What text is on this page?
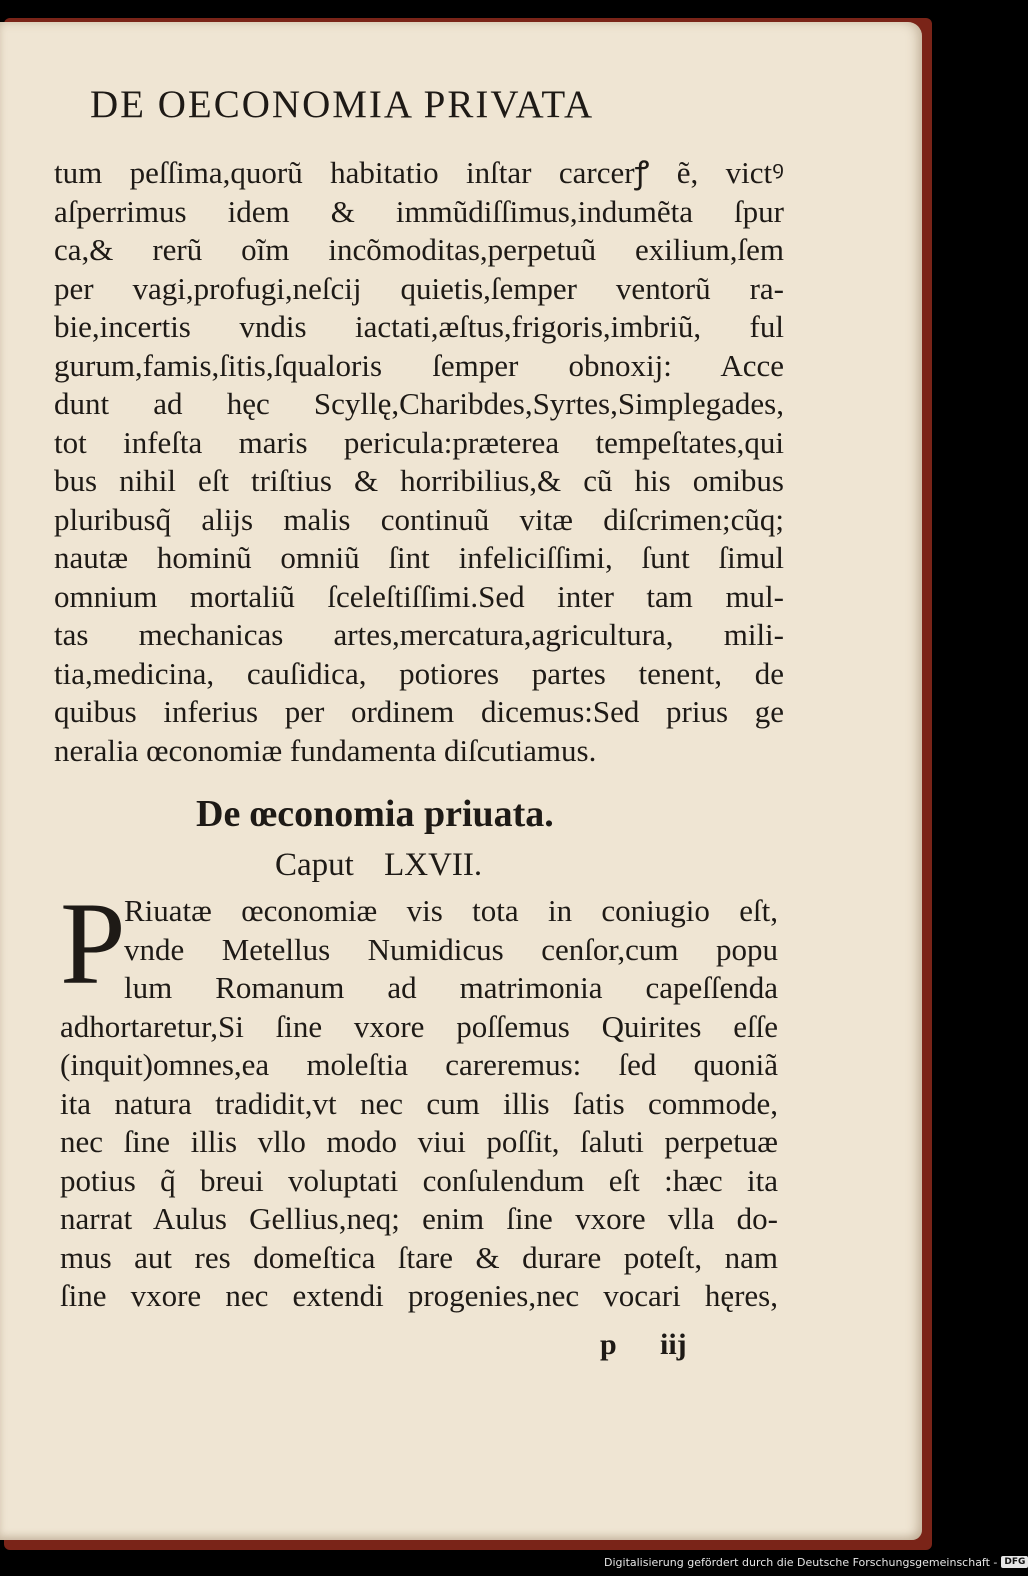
DE OECONOMIA PRIVATA
tum peſſima,quorũ habitatio inſtar carcerꝭ ẽ, victꝰ
aſperrimus idem & immũdiſſimus,indumẽta ſpur
ca,& rerũ oĩm incõmoditas,perpetuũ exilium,ſem
per vagi,profugi,neſcij quietis,ſemper ventorũ ra-
bie,incertis vndis iactati,æſtus,frigoris,imbriũ, ful
gurum,famis,ſitis,ſqualoris ſemper obnoxij: Acce
dunt ad hęc Scyllę,Charibdes,Syrtes,Simplegades,
tot infeſta maris pericula:prӕterea tempeſtates,qui
bus nihil eſt triſtius & horribilius,& cũ his omibus
pluribusq̃ alijs malis continuũ vitæ diſcrimen;cũq;
nautæ hominũ omniũ ſint infeliciſſimi, ſunt ſimul
omnium mortaliũ ſceleſtiſſimi.Sed inter tam mul-
tas mechanicas artes,mercatura,agricultura, mili-
tia,medicina, cauſidica, potiores partes tenent, de
quibus inferius per ordinem dicemus:Sed prius ge
neralia œconomiæ fundamenta diſcutiamus.
De œconomia priuata.
Caput LXVII.
P
Riuatæ œconomiæ vis tota in coniugio eſt,
vnde Metellus Numidicus cenſor,cum popu
lum Romanum ad matrimonia capeſſenda
adhortaretur,Si ſine vxore poſſemus Quirites eſſe
(inquit)omnes,ea moleſtia careremus: ſed quoniã
ita natura tradidit,vt nec cum illis ſatis commode,
nec ſine illis vllo modo viui poſſit, ſaluti perpetuæ
potius q̃ breui voluptati conſulendum eſt :hæc ita
narrat Aulus Gellius,neq; enim ſine vxore vlla do-
mus aut res domeſtica ſtare & durare poteſt, nam
ſine vxore nec extendi progenies,nec vocari hęres,
p iij
Digitalisierung gefördert durch die Deutsche Forschungsgemeinschaft - DFG
